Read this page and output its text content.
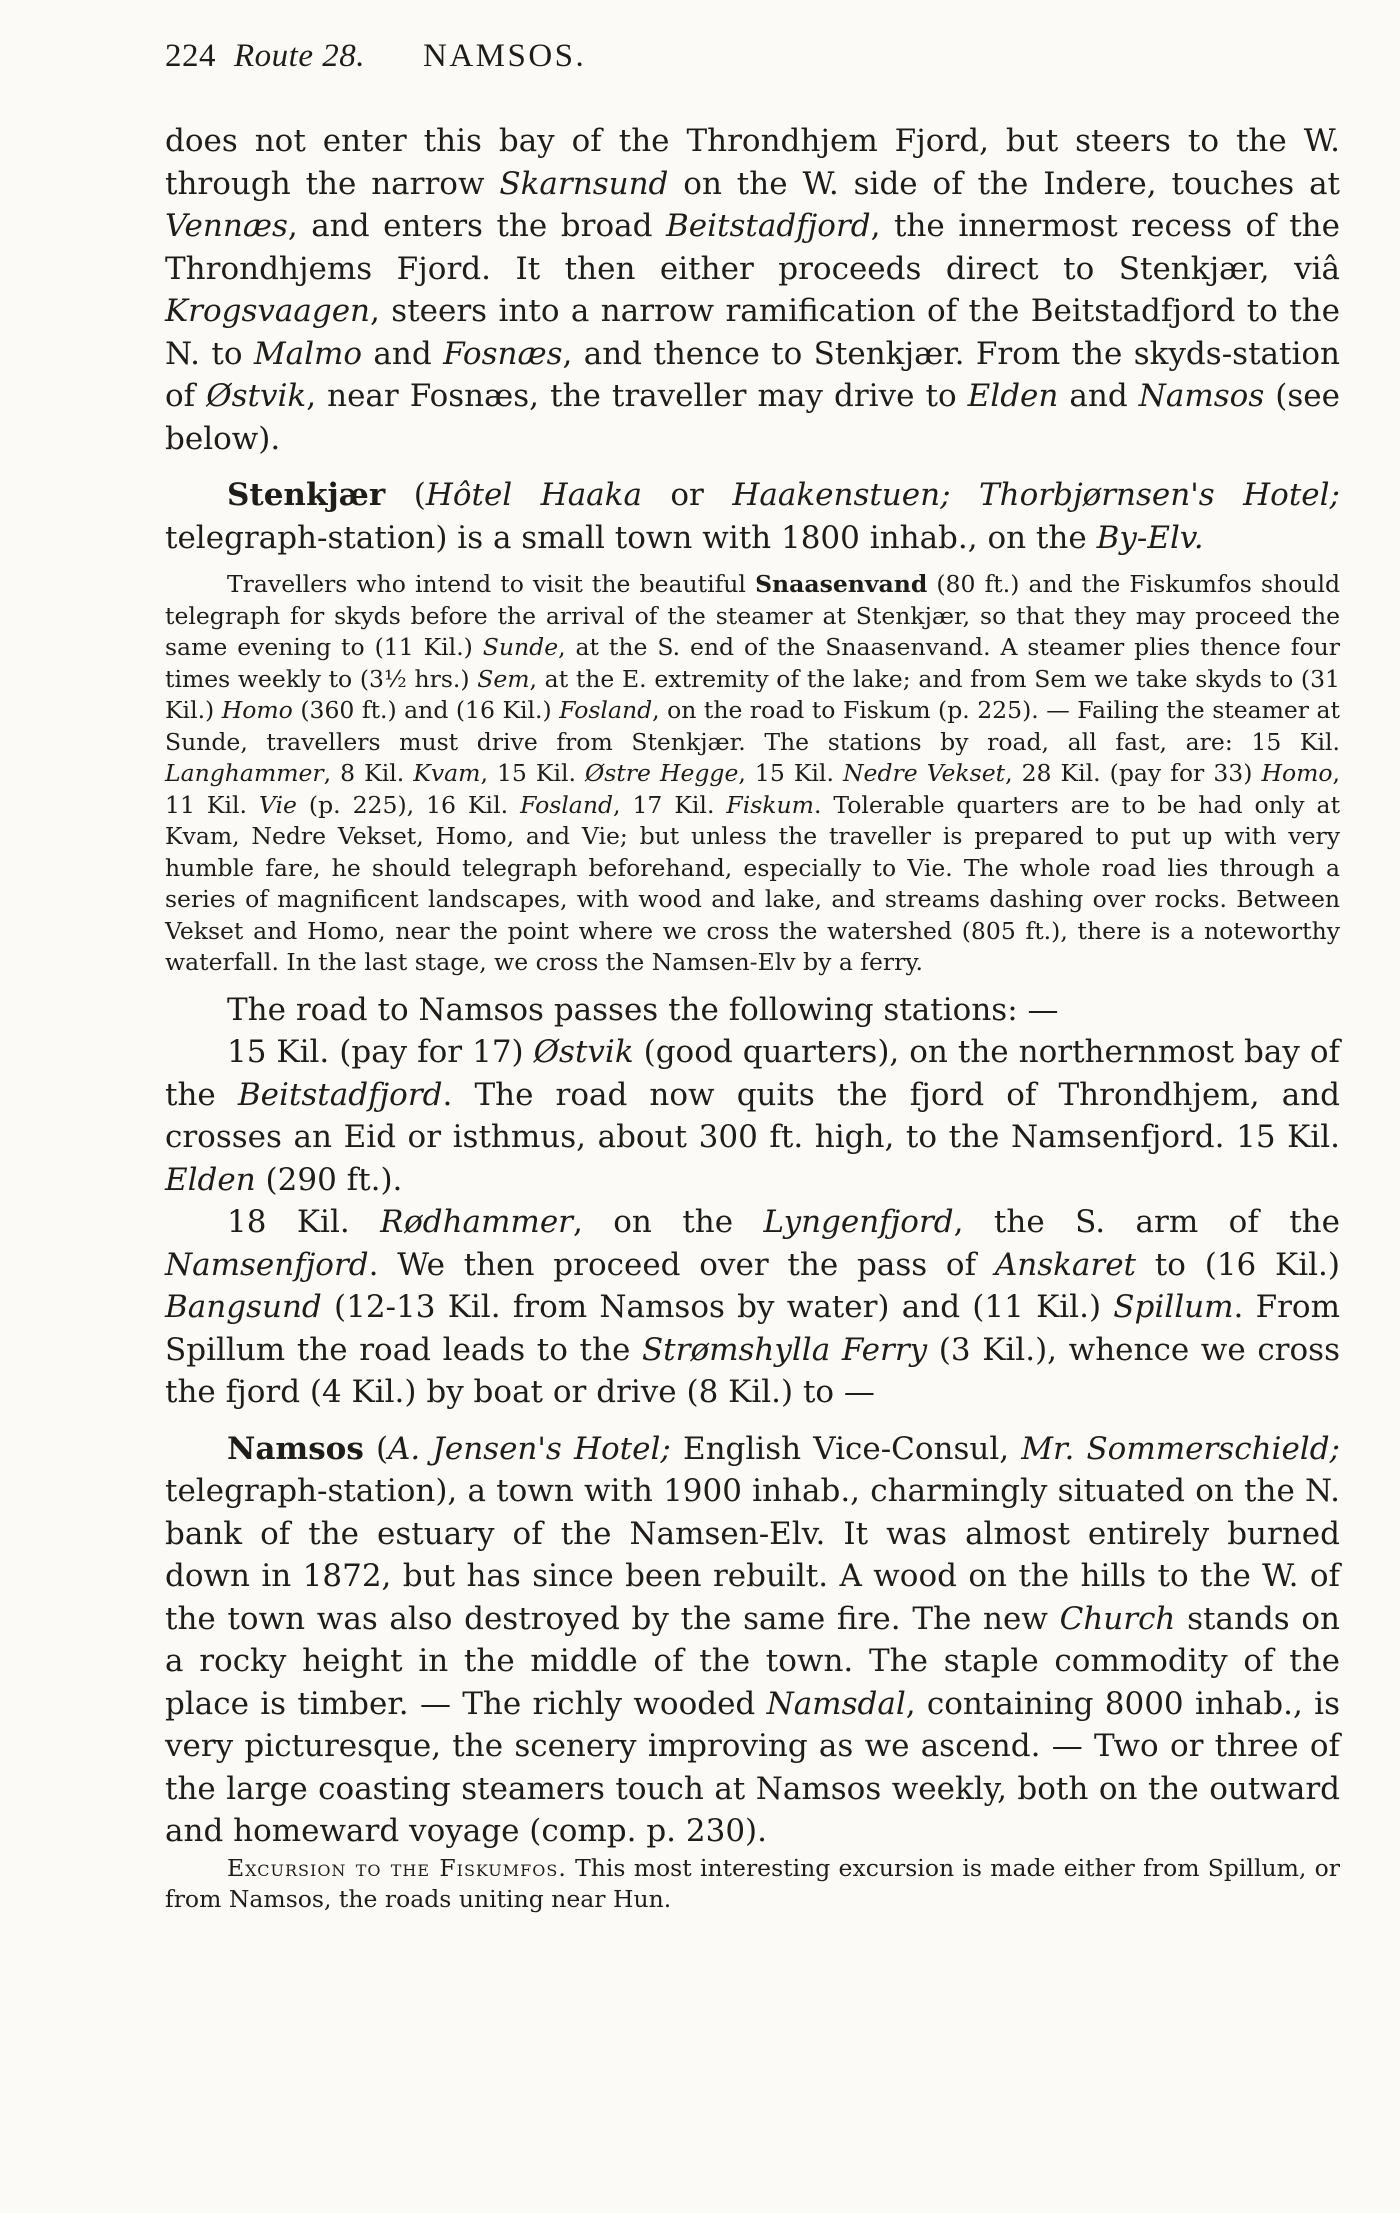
224 Route 28. NAMSOS.

does not enter this bay of the Throndhjem Fjord, but steers to the W. through the narrow Skarnsund on the W. side of the Indere, touches at Vennæs, and enters the broad Beitstadfjord, the innermost recess of the Throndhjems Fjord. It then either proceeds direct to Stenkjær, viâ Krogsvaagen, steers into a narrow ramification of the Beitstadfjord to the N. to Malmo and Fosnæs, and thence to Stenkjær. From the skyds-station of Østvik, near Fosnæs, the traveller may drive to Elden and Namsos (see below).

Stenkjær (Hôtel Haaka or Haakenstuen; Thorbjørnsen's Hotel; telegraph-station) is a small town with 1800 inhab., on the By-Elv.

Travellers who intend to visit the beautiful Snaasenvand (80 ft.) and the Fiskumfos should telegraph for skyds before the arrival of the steamer at Stenkjær, so that they may proceed the same evening to (11 Kil.) Sunde, at the S. end of the Snaasenvand. A steamer plies thence four times weekly to (3½ hrs.) Sem, at the E. extremity of the lake; and from Sem we take skyds to (31 Kil.) Homo (360 ft.) and (16 Kil.) Fosland, on the road to Fiskum (p. 225). — Failing the steamer at Sunde, travellers must drive from Stenkjær. The stations by road, all fast, are: 15 Kil. Langhammer, 8 Kil. Kvam, 15 Kil. Østre Hegge, 15 Kil. Nedre Vekset, 28 Kil. (pay for 33) Homo, 11 Kil. Vie (p. 225), 16 Kil. Fosland, 17 Kil. Fiskum. Tolerable quarters are to be had only at Kvam, Nedre Vekset, Homo, and Vie; but unless the traveller is prepared to put up with very humble fare, he should telegraph beforehand, especially to Vie. The whole road lies through a series of magnificent landscapes, with wood and lake, and streams dashing over rocks. Between Vekset and Homo, near the point where we cross the watershed (805 ft.), there is a noteworthy waterfall. In the last stage, we cross the Namsen-Elv by a ferry.

The road to Namsos passes the following stations: —

15 Kil. (pay for 17) Østvik (good quarters), on the northernmost bay of the Beitstadfjord. The road now quits the fjord of Throndhjem, and crosses an Eid or isthmus, about 300 ft. high, to the Namsenfjord. 15 Kil. Elden (290 ft.).

18 Kil. Rødhammer, on the Lyngenfjord, the S. arm of the Namsenfjord. We then proceed over the pass of Anskaret to (16 Kil.) Bangsund (12-13 Kil. from Namsos by water) and (11 Kil.) Spillum. From Spillum the road leads to the Strømshylla Ferry (3 Kil.), whence we cross the fjord (4 Kil.) by boat or drive (8 Kil.) to —

Namsos (A. Jensen's Hotel; English Vice-Consul, Mr. Sommerschield; telegraph-station), a town with 1900 inhab., charmingly situated on the N. bank of the estuary of the Namsen-Elv. It was almost entirely burned down in 1872, but has since been rebuilt. A wood on the hills to the W. of the town was also destroyed by the same fire. The new Church stands on a rocky height in the middle of the town. The staple commodity of the place is timber. — The richly wooded Namsdal, containing 8000 inhab., is very picturesque, the scenery improving as we ascend. — Two or three of the large coasting steamers touch at Namsos weekly, both on the outward and homeward voyage (comp. p. 230).

Excursion to the Fiskumfos. This most interesting excursion is made either from Spillum, or from Namsos, the roads uniting near Hun.
